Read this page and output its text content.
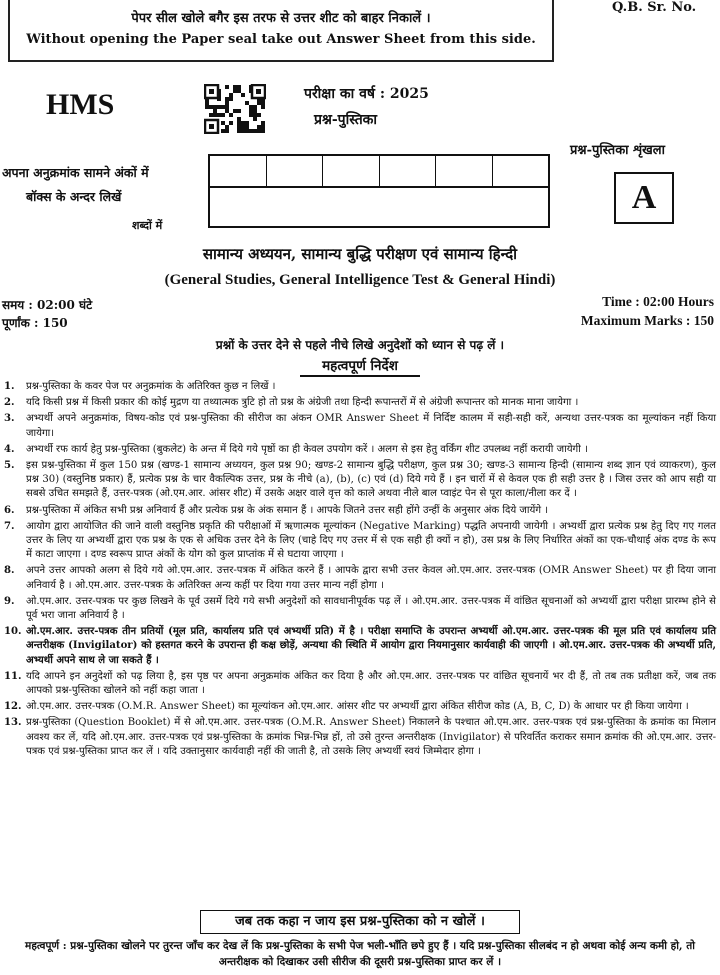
पेपर सील खोले बगैर इस तरफ से उत्तर शीट को बाहर निकालें ।
Without opening the Paper seal take out Answer Sheet from this side.
Q.B. Sr. No.
HMS	परीक्षा का वर्ष : 2025
प्रश्न-पुस्तिका
प्रश्न-पुस्तिका शृंखला
A
अपना अनुक्रमांक सामने अंकों में
बॉक्स के अन्दर लिखें
शब्दों में
सामान्य अध्ययन, सामान्य बुद्धि परीक्षण एवं सामान्य हिन्दी
(General Studies, General Intelligence Test & General Hindi)
समय : 02:00 घंटे
पूर्णांक : 150
Time : 02:00 Hours
Maximum Marks : 150
प्रश्नों के उत्तर देने से पहले नीचे लिखे अनुदेशों को ध्यान से पढ़ लें ।
महत्वपूर्ण निर्देश
1.	प्रश्न-पुस्तिका के कवर पेज पर अनुक्रमांक के अतिरिक्त कुछ न लिखें ।
2.	यदि किसी प्रश्न में किसी प्रकार की कोई मुद्रण या तथ्यात्मक त्रुटि हो तो प्रश्न के अंग्रेजी तथा हिन्दी रूपान्तरों में से अंग्रेजी रूपान्तर को मानक माना जायेगा ।
3.	अभ्यर्थी अपने अनुक्रमांक, विषय-कोड एवं प्रश्न-पुस्तिका की सीरीज का अंकन OMR Answer Sheet में निर्दिष्ट कालम में सही-सही करें, अन्यथा उत्तर-पत्रक का मूल्यांकन नहीं किया जायेगा।
4.	अभ्यर्थी रफ कार्य हेतु प्रश्न-पुस्तिका (बुकलेट) के अन्त में दिये गये पृष्ठों का ही केवल उपयोग करें । अलग से इस हेतु वर्किंग शीट उपलब्ध नहीं करायी जायेगी ।
5.	इस प्रश्न-पुस्तिका में कुल 150 प्रश्न (खण्ड-1 सामान्य अध्ययन, कुल प्रश्न 90; खण्ड-2 सामान्य बुद्धि परीक्षण, कुल प्रश्न 30; खण्ड-3 सामान्य हिन्दी (सामान्य शब्द ज्ञान एवं व्याकरण), कुल प्रश्न 30) (वस्तुनिष्ठ प्रकार) हैं, प्रत्येक प्रश्न के चार वैकल्पिक उत्तर, प्रश्न के नीचे (a), (b), (c) एवं (d) दिये गये हैं । इन चारों में से केवल एक ही सही उत्तर है । जिस उत्तर को आप सही या सबसे उचित समझते हैं, उत्तर-पत्रक (ओ.एम.आर. आंसर शीट) में उसके अक्षर वाले वृत्त को काले अथवा नीले बाल प्वाइंट पेन से पूरा काला/नीला कर दें ।
6.	प्रश्न-पुस्तिका में अंकित सभी प्रश्न अनिवार्य हैं और प्रत्येक प्रश्न के अंक समान हैं । आपके जितने उत्तर सही होंगे उन्हीं के अनुसार अंक दिये जायेंगे ।
7.	आयोग द्वारा आयोजित की जाने वाली वस्तुनिष्ठ प्रकृति की परीक्षाओं में ऋणात्मक मूल्यांकन (Negative Marking) पद्धति अपनायी जायेगी । अभ्यर्थी द्वारा प्रत्येक प्रश्न हेतु दिए गए गलत उत्तर के लिए या अभ्यर्थी द्वारा एक प्रश्न के एक से अधिक उत्तर देने के लिए (चाहे दिए गए उत्तर में से एक सही ही क्यों न हो), उस प्रश्न के लिए निर्धारित अंकों का एक-चौथाई अंक दण्ड के रूप में काटा जाएगा । दण्ड स्वरूप प्राप्त अंकों के योग को कुल प्राप्तांक में से घटाया जाएगा ।
8.	अपने उत्तर आपको अलग से दिये गये ओ.एम.आर. उत्तर-पत्रक में अंकित करने हैं । आपके द्वारा सभी उत्तर केवल ओ.एम.आर. उत्तर-पत्रक (OMR Answer Sheet) पर ही दिया जाना अनिवार्य है । ओ.एम.आर. उत्तर-पत्रक के अतिरिक्त अन्य कहीं पर दिया गया उत्तर मान्य नहीं होगा ।
9.	ओ.एम.आर. उत्तर-पत्रक पर कुछ लिखने के पूर्व उसमें दिये गये सभी अनुदेशों को सावधानीपूर्वक पढ़ लें । ओ.एम.आर. उत्तर-पत्रक में वांछित सूचनाओं को अभ्यर्थी द्वारा परीक्षा प्रारम्भ होने से पूर्व भरा जाना अनिवार्य है ।
10. ओ.एम.आर. उत्तर-पत्रक तीन प्रतियों (मूल प्रति, कार्यालय प्रति एवं अभ्यर्थी प्रति) में है । परीक्षा समाप्ति के उपरान्त अभ्यर्थी ओ.एम.आर. उत्तर-पत्रक की मूल प्रति एवं कार्यालय प्रति अन्तरीक्षक (Invigilator) को हस्तगत करने के उपरान्त ही कक्ष छोड़ें, अन्यथा की स्थिति में आयोग द्वारा नियमानुसार कार्यवाही की जाएगी । ओ.एम.आर. उत्तर-पत्रक की अभ्यर्थी प्रति, अभ्यर्थी अपने साथ ले जा सकते हैं ।
11. यदि आपने इन अनुदेशों को पढ़ लिया है, इस पृष्ठ पर अपना अनुक्रमांक अंकित कर दिया है और ओ.एम.आर. उत्तर-पत्रक पर वांछित सूचनायें भर दी हैं, तो तब तक प्रतीक्षा करें, जब तक आपको प्रश्न-पुस्तिका खोलने को नहीं कहा जाता ।
12. ओ.एम.आर. उत्तर-पत्रक (O.M.R. Answer Sheet) का मूल्यांकन ओ.एम.आर. आंसर शीट पर अभ्यर्थी द्वारा अंकित सीरीज कोड (A, B, C, D) के आधार पर ही किया जायेगा ।
13. प्रश्न-पुस्तिका (Question Booklet) में से ओ.एम.आर. उत्तर-पत्रक (O.M.R. Answer Sheet) निकालने के पश्चात ओ.एम.आर. उत्तर-पत्रक एवं प्रश्न-पुस्तिका के क्रमांक का मिलान अवश्य कर लें, यदि ओ.एम.आर. उत्तर-पत्रक एवं प्रश्न-पुस्तिका के क्रमांक भिन्न-भिन्न हों, तो उसे तुरन्त अन्तरीक्षक (Invigilator) से परिवर्तित कराकर समान क्रमांक की ओ.एम.आर. उत्तर-पत्रक एवं प्रश्न-पुस्तिका प्राप्त कर लें । यदि उक्तानुसार कार्यवाही नहीं की जाती है, तो उसके लिए अभ्यर्थी स्वयं जिम्मेदार होगा ।
जब तक कहा न जाय इस प्रश्न-पुस्तिका को न खोलें ।
महत्वपूर्ण : प्रश्न-पुस्तिका खोलने पर तुरन्त जाँच कर देख लें कि प्रश्न-पुस्तिका के सभी पेज भली-भाँति छपे हुए हैं । यदि प्रश्न-पुस्तिका सीलबंद न हो अथवा कोई अन्य कमी हो, तो अन्तरीक्षक को दिखाकर उसी सीरीज की दूसरी प्रश्न-पुस्तिका प्राप्त कर लें ।
